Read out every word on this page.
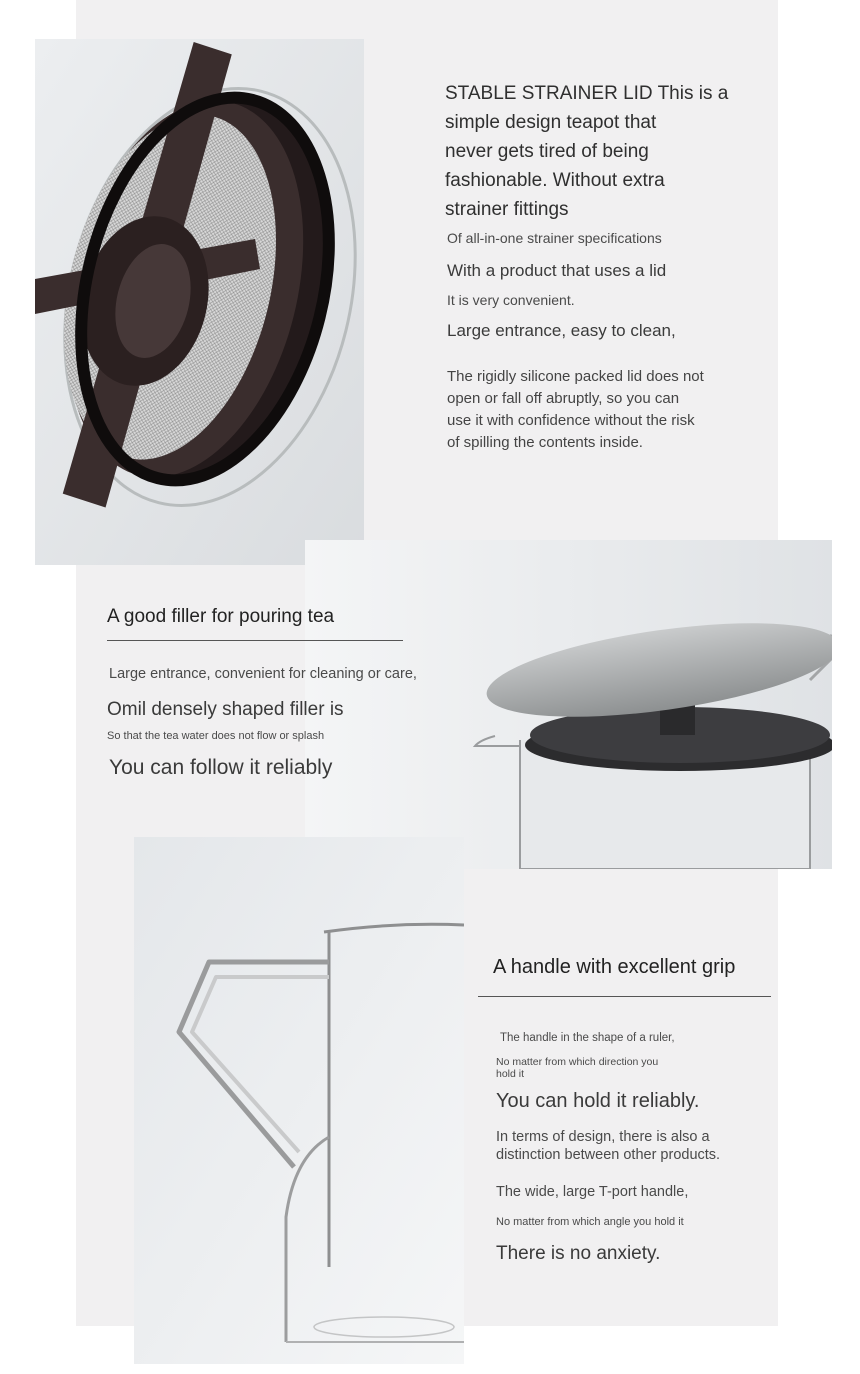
STABLE STRAINER LID This is a

simple design teapot that

never gets tired of being

fashionable. Without extra

strainer fittings

Of all-in-one strainer specifications

With a product that uses a lid

It is very convenient.

Large entrance, easy to clean,

The rigidly silicone packed lid does not

open or fall off abruptly, so you can

use it with confidence without the risk

of spilling the contents inside.

A good filler for pouring tea

Large entrance, convenient for cleaning or care,

Omil densely shaped filler is

So that the tea water does not flow or splash

You can follow it reliably

A handle with excellent grip

The handle in the shape of a ruler,

No matter from which direction you

hold it

You can hold it reliably.

In terms of design, there is also a

distinction between other products.

The wide, large T-port handle,

No matter from which angle you hold it

There is no anxiety.
